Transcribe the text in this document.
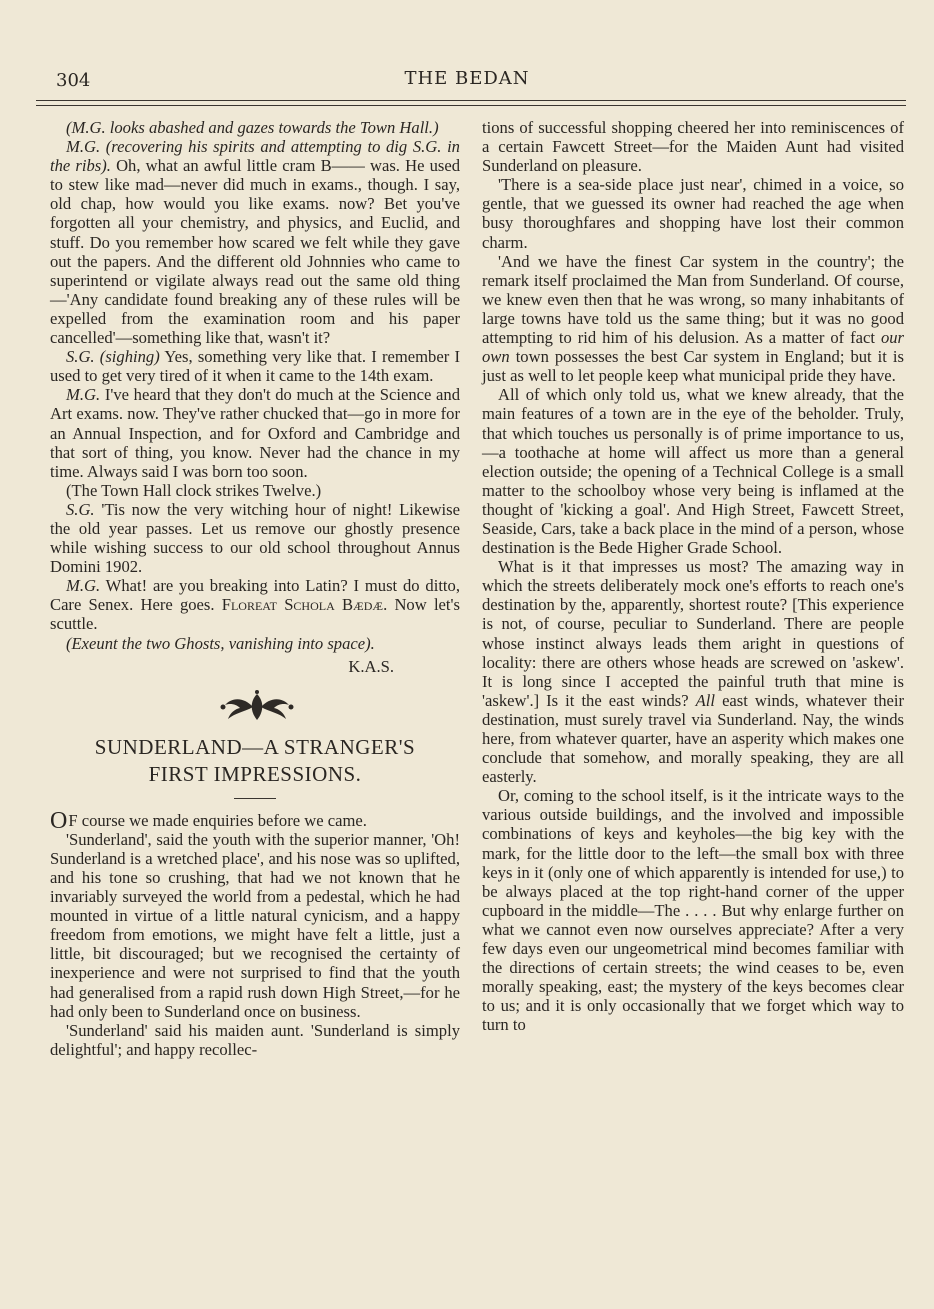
304	THE BEDAN

(M.G. looks abashed and gazes towards the Town Hall.)

M.G. (recovering his spirits and attempting to dig S.G. in the ribs). Oh, what an awful little cram B—— was. He used to stew like mad—never did much in exams., though. I say, old chap, how would you like exams. now? Bet you've forgotten all your chemistry, and physics, and Euclid, and stuff. Do you remember how scared we felt while they gave out the papers. And the different old Johnnies who came to superintend or vigilate always read out the same old thing—'Any candidate found breaking any of these rules will be expelled from the examination room and his paper cancelled'—something like that, wasn't it?

S.G. (sighing) Yes, something very like that. I remember I used to get very tired of it when it came to the 14th exam.

M.G. I've heard that they don't do much at the Science and Art exams. now. They've rather chucked that—go in more for an Annual Inspection, and for Oxford and Cambridge and that sort of thing, you know. Never had the chance in my time. Always said I was born too soon.

(The Town Hall clock strikes Twelve.)

S.G. 'Tis now the very witching hour of night! Likewise the old year passes. Let us remove our ghostly presence while wishing success to our old school throughout Annus Domini 1902.

M.G. What! are you breaking into Latin? I must do ditto, Care Senex. Here goes. Floreat Schola Bædæ. Now let's scuttle.

(Exeunt the two Ghosts, vanishing into space).

K.A.S.

SUNDERLAND—A STRANGER'S
FIRST IMPRESSIONS.

OF course we made enquiries before we came.

'Sunderland', said the youth with the superior manner, 'Oh! Sunderland is a wretched place', and his nose was so uplifted, and his tone so crushing, that had we not known that he invariably surveyed the world from a pedestal, which he had mounted in virtue of a little natural cynicism, and a happy freedom from emotions, we might have felt a little, just a little, bit discouraged; but we recognised the certainty of inexperience and were not surprised to find that the youth had generalised from a rapid rush down High Street,—for he had only been to Sunderland once on business.

'Sunderland' said his maiden aunt. 'Sunderland is simply delightful'; and happy recollec-

tions of successful shopping cheered her into reminiscences of a certain Fawcett Street—for the Maiden Aunt had visited Sunderland on pleasure.

'There is a sea-side place just near', chimed in a voice, so gentle, that we guessed its owner had reached the age when busy thoroughfares and shopping have lost their common charm.

'And we have the finest Car system in the country'; the remark itself proclaimed the Man from Sunderland. Of course, we knew even then that he was wrong, so many inhabitants of large towns have told us the same thing; but it was no good attempting to rid him of his delusion. As a matter of fact our own town possesses the best Car system in England; but it is just as well to let people keep what municipal pride they have.

All of which only told us, what we knew already, that the main features of a town are in the eye of the beholder. Truly, that which touches us personally is of prime importance to us,—a toothache at home will affect us more than a general election outside; the opening of a Technical College is a small matter to the schoolboy whose very being is inflamed at the thought of 'kicking a goal'. And High Street, Fawcett Street, Seaside, Cars, take a back place in the mind of a person, whose destination is the Bede Higher Grade School.

What is it that impresses us most? The amazing way in which the streets deliberately mock one's efforts to reach one's destination by the, apparently, shortest route? [This experience is not, of course, peculiar to Sunderland. There are people whose instinct always leads them aright in questions of locality: there are others whose heads are screwed on 'askew'. It is long since I accepted the painful truth that mine is 'askew'.] Is it the east winds? All east winds, whatever their destination, must surely travel via Sunderland. Nay, the winds here, from whatever quarter, have an asperity which makes one conclude that somehow, and morally speaking, they are all easterly.

Or, coming to the school itself, is it the intricate ways to the various outside buildings, and the involved and impossible combinations of keys and keyholes—the big key with the mark, for the little door to the left—the small box with three keys in it (only one of which apparently is intended for use,) to be always placed at the top right-hand corner of the upper cupboard in the middle—The . . . . But why enlarge further on what we cannot even now ourselves appreciate? After a very few days even our ungeometrical mind becomes familiar with the directions of certain streets; the wind ceases to be, even morally speaking, east; the mystery of the keys becomes clear to us; and it is only occasionally that we forget which way to turn to
